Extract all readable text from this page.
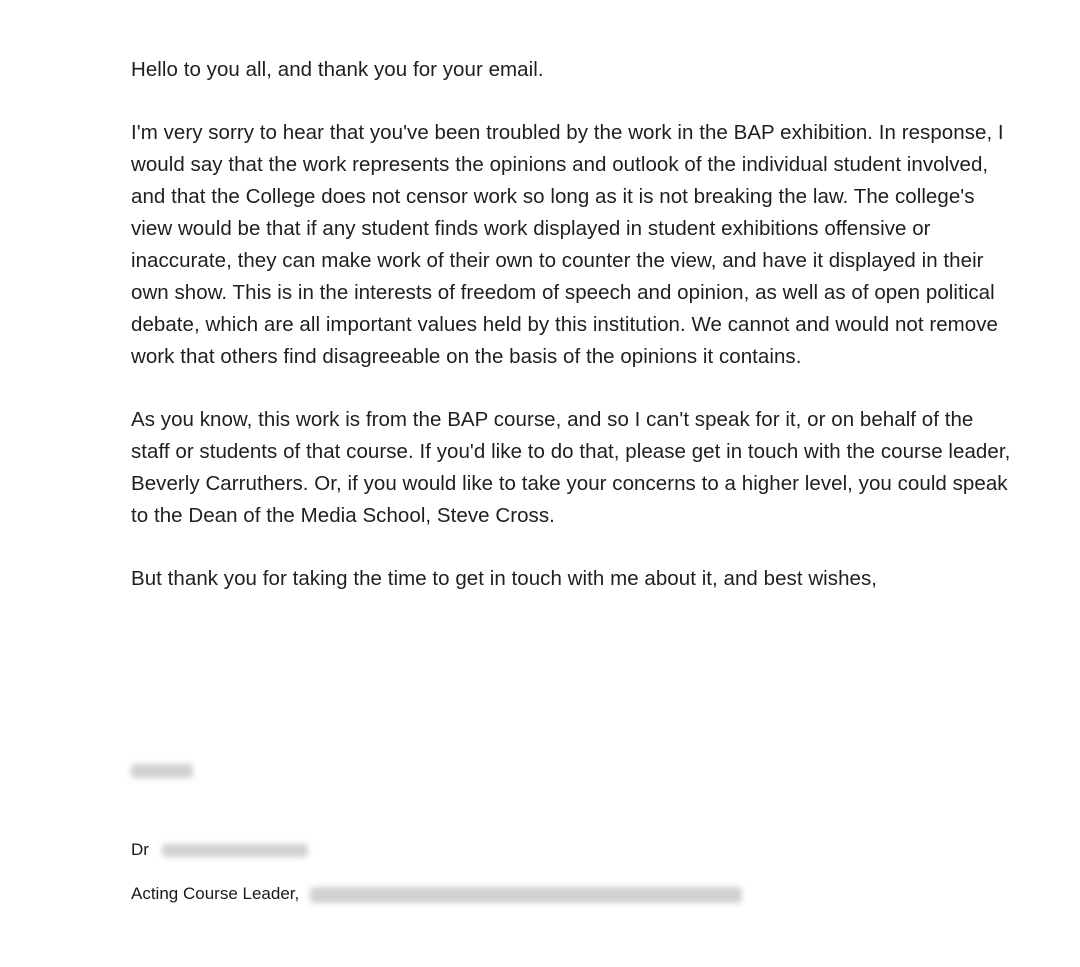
Hello to you all, and thank you for your email.

I'm very sorry to hear that you've been troubled by the work in the BAP exhibition. In response, I would say that the work represents the opinions and outlook of the individual student involved, and that the College does not censor work so long as it is not breaking the law. The college's view would be that if any student finds work displayed in student exhibitions offensive or inaccurate, they can make work of their own to counter the view, and have it displayed in their own show. This is in the interests of freedom of speech and opinion, as well as of open political debate, which are all important values held by this institution. We cannot and would not remove work that others find disagreeable on the basis of the opinions it contains.

As you know, this work is from the BAP course, and so I can't speak for it, or on behalf of the staff or students of that course. If you'd like to do that, please get in touch with the course leader, Beverly Carruthers. Or, if you would like to take your concerns to a higher level, you could speak to the Dean of the Media School, Steve Cross.

But thank you for taking the time to get in touch with me about it, and best wishes,

Dr
Acting Course Leader,
